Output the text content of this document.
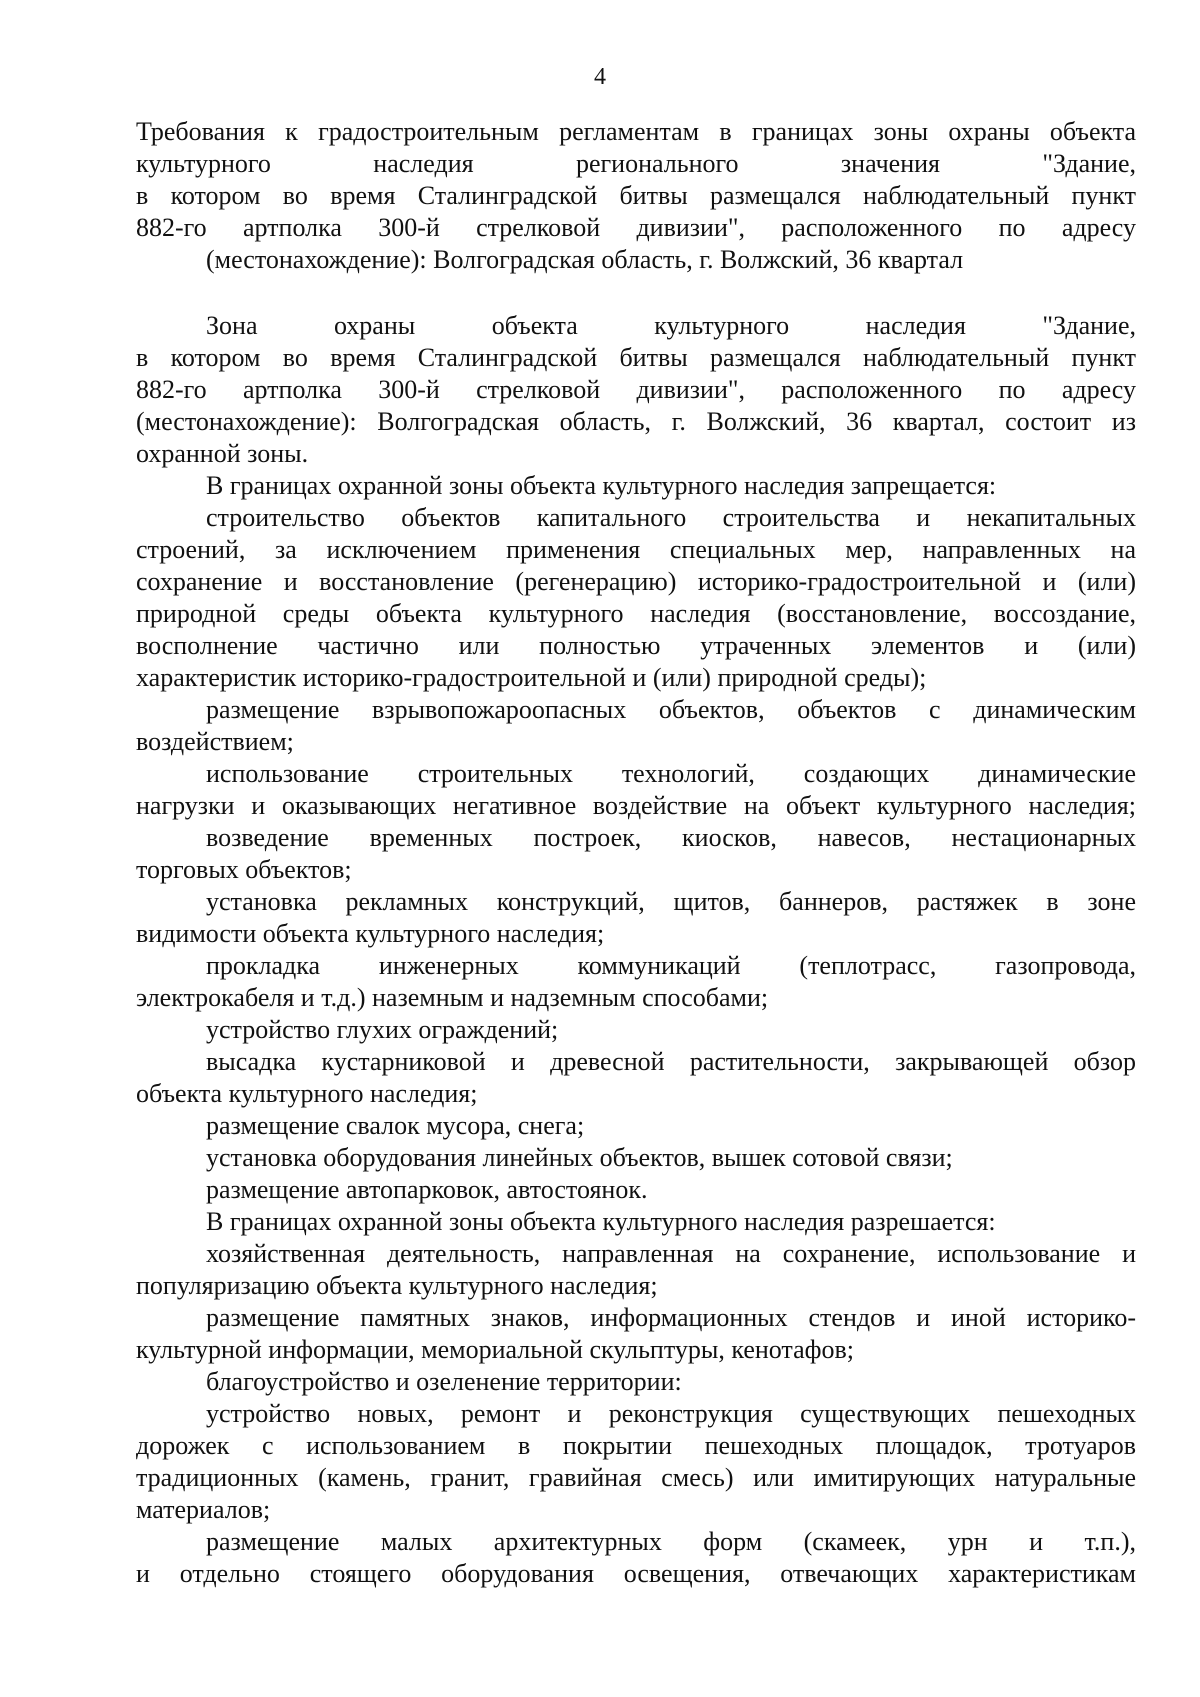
4
Требования к градостроительным регламентам в границах зоны охраны объекта
культурного наследия регионального значения "Здание,
в котором во время Сталинградской битвы размещался наблюдательный пункт
882-го артполка 300-й стрелковой дивизии", расположенного по адресу
(местонахождение): Волгоградская область, г. Волжский, 36 квартал
Зона охраны объекта культурного наследия "Здание,
в котором во время Сталинградской битвы размещался наблюдательный пункт
882-го артполка 300-й стрелковой дивизии", расположенного по адресу
(местонахождение): Волгоградская область, г. Волжский, 36 квартал, состоит из
охранной зоны.
В границах охранной зоны объекта культурного наследия запрещается:
строительство объектов капитального строительства и некапитальных
строений, за исключением применения специальных мер, направленных на
сохранение и восстановление (регенерацию) историко-градостроительной и (или)
природной среды объекта культурного наследия (восстановление, воссоздание,
восполнение частично или полностью утраченных элементов и (или)
характеристик историко-градостроительной и (или) природной среды);
размещение взрывопожароопасных объектов, объектов с динамическим
воздействием;
использование строительных технологий, создающих динамические
нагрузки и оказывающих негативное воздействие на объект культурного наследия;
возведение временных построек, киосков, навесов, нестационарных
торговых объектов;
установка рекламных конструкций, щитов, баннеров, растяжек в зоне
видимости объекта культурного наследия;
прокладка инженерных коммуникаций (теплотрасс, газопровода,
электрокабеля и т.д.) наземным и надземным способами;
устройство глухих ограждений;
высадка кустарниковой и древесной растительности, закрывающей обзор
объекта культурного наследия;
размещение свалок мусора, снега;
установка оборудования линейных объектов, вышек сотовой связи;
размещение автопарковок, автостоянок.
В границах охранной зоны объекта культурного наследия разрешается:
хозяйственная деятельность, направленная на сохранение, использование и
популяризацию объекта культурного наследия;
размещение памятных знаков, информационных стендов и иной историко-
культурной информации, мемориальной скульптуры, кенотафов;
благоустройство и озеленение территории:
устройство новых, ремонт и реконструкция существующих пешеходных
дорожек с использованием в покрытии пешеходных площадок, тротуаров
традиционных (камень, гранит, гравийная смесь) или имитирующих натуральные
материалов;
размещение малых архитектурных форм (скамеек, урн и т.п.),
и отдельно стоящего оборудования освещения, отвечающих характеристикам
